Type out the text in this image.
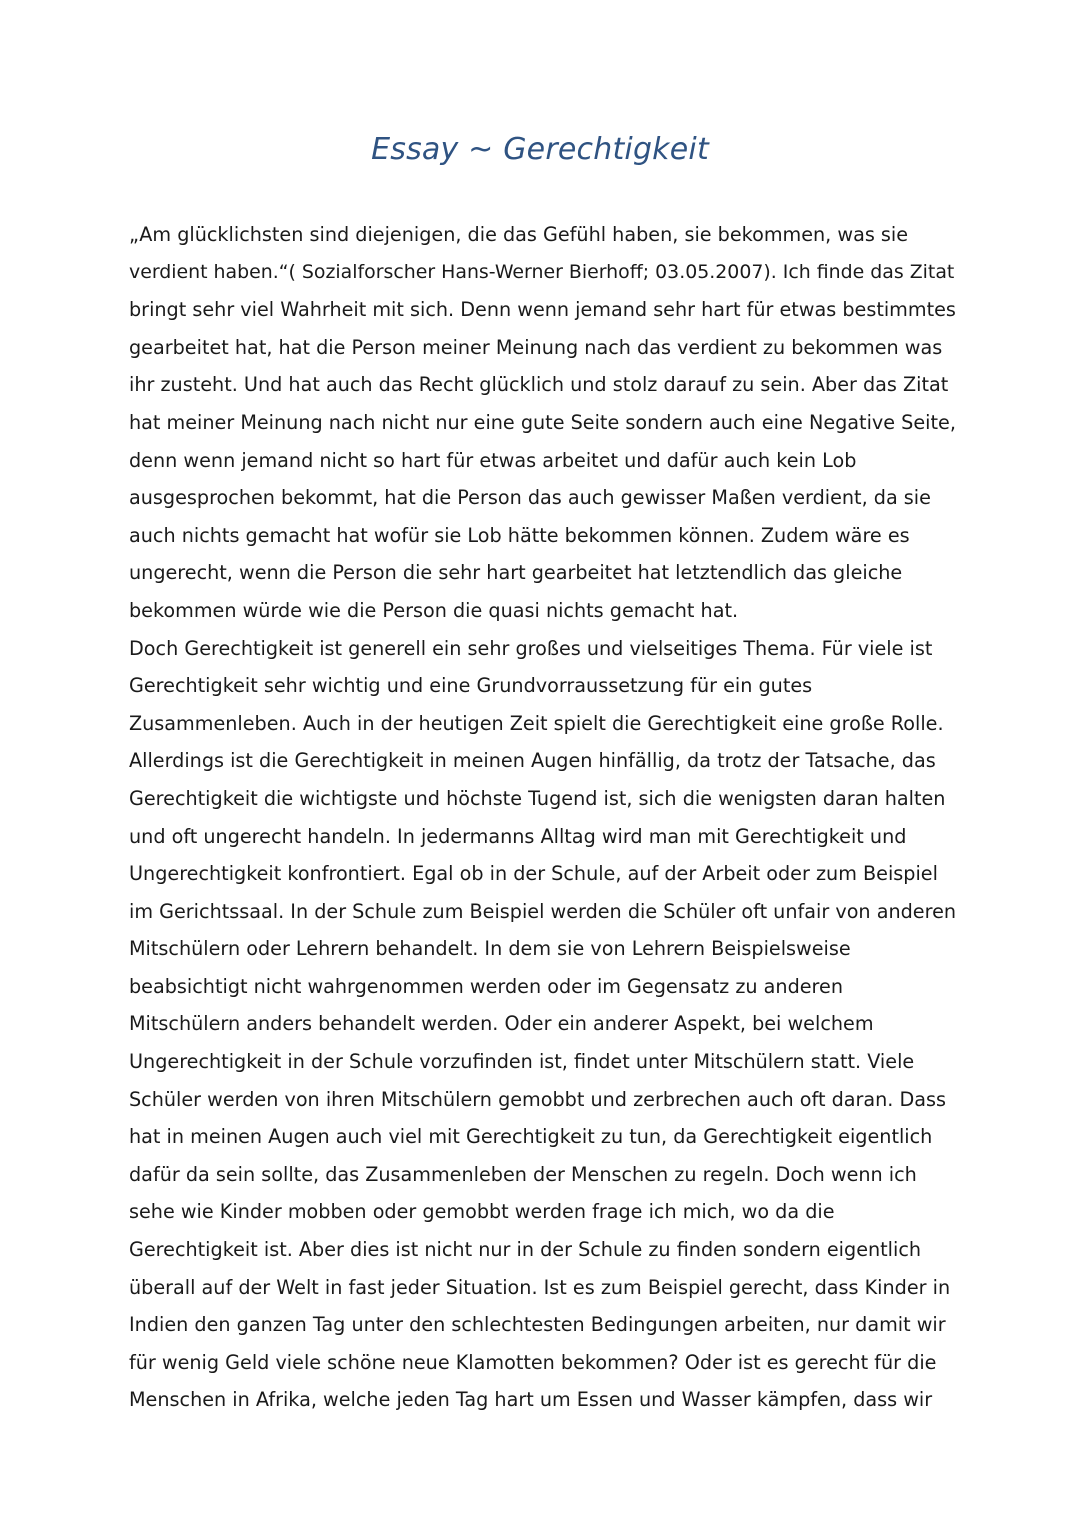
Essay ~ Gerechtigkeit
„Am glücklichsten sind diejenigen, die das Gefühl haben, sie bekommen, was sie
verdient haben.“( Sozialforscher Hans-Werner Bierhoff; 03.05.2007). Ich finde das Zitat
bringt sehr viel Wahrheit mit sich. Denn wenn jemand sehr hart für etwas bestimmtes
gearbeitet hat, hat die Person meiner Meinung nach das verdient zu bekommen was
ihr zusteht. Und hat auch das Recht glücklich und stolz darauf zu sein. Aber das Zitat
hat meiner Meinung nach nicht nur eine gute Seite sondern auch eine Negative Seite,
denn wenn jemand nicht so hart für etwas arbeitet und dafür auch kein Lob
ausgesprochen bekommt, hat die Person das auch gewisser Maßen verdient, da sie
auch nichts gemacht hat wofür sie Lob hätte bekommen können. Zudem wäre es
ungerecht, wenn die Person die sehr hart gearbeitet hat letztendlich das gleiche
bekommen würde wie die Person die quasi nichts gemacht hat.
Doch Gerechtigkeit ist generell ein sehr großes und vielseitiges Thema. Für viele ist
Gerechtigkeit sehr wichtig und eine Grundvorraussetzung für ein gutes
Zusammenleben. Auch in der heutigen Zeit spielt die Gerechtigkeit eine große Rolle.
Allerdings ist die Gerechtigkeit in meinen Augen hinfällig, da trotz der Tatsache, das
Gerechtigkeit die wichtigste und höchste Tugend ist, sich die wenigsten daran halten
und oft ungerecht handeln. In jedermanns Alltag wird man mit Gerechtigkeit und
Ungerechtigkeit konfrontiert. Egal ob in der Schule, auf der Arbeit oder zum Beispiel
im Gerichtssaal. In der Schule zum Beispiel werden die Schüler oft unfair von anderen
Mitschülern oder Lehrern behandelt. In dem sie von Lehrern Beispielsweise
beabsichtigt nicht wahrgenommen werden oder im Gegensatz zu anderen
Mitschülern anders behandelt werden. Oder ein anderer Aspekt, bei welchem
Ungerechtigkeit in der Schule vorzufinden ist, findet unter Mitschülern statt. Viele
Schüler werden von ihren Mitschülern gemobbt und zerbrechen auch oft daran. Dass
hat in meinen Augen auch viel mit Gerechtigkeit zu tun, da Gerechtigkeit eigentlich
dafür da sein sollte, das Zusammenleben der Menschen zu regeln. Doch wenn ich
sehe wie Kinder mobben oder gemobbt werden frage ich mich, wo da die
Gerechtigkeit ist. Aber dies ist nicht nur in der Schule zu finden sondern eigentlich
überall auf der Welt in fast jeder Situation. Ist es zum Beispiel gerecht, dass Kinder in
Indien den ganzen Tag unter den schlechtesten Bedingungen arbeiten, nur damit wir
für wenig Geld viele schöne neue Klamotten bekommen? Oder ist es gerecht für die
Menschen in Afrika, welche jeden Tag hart um Essen und Wasser kämpfen, dass wir
